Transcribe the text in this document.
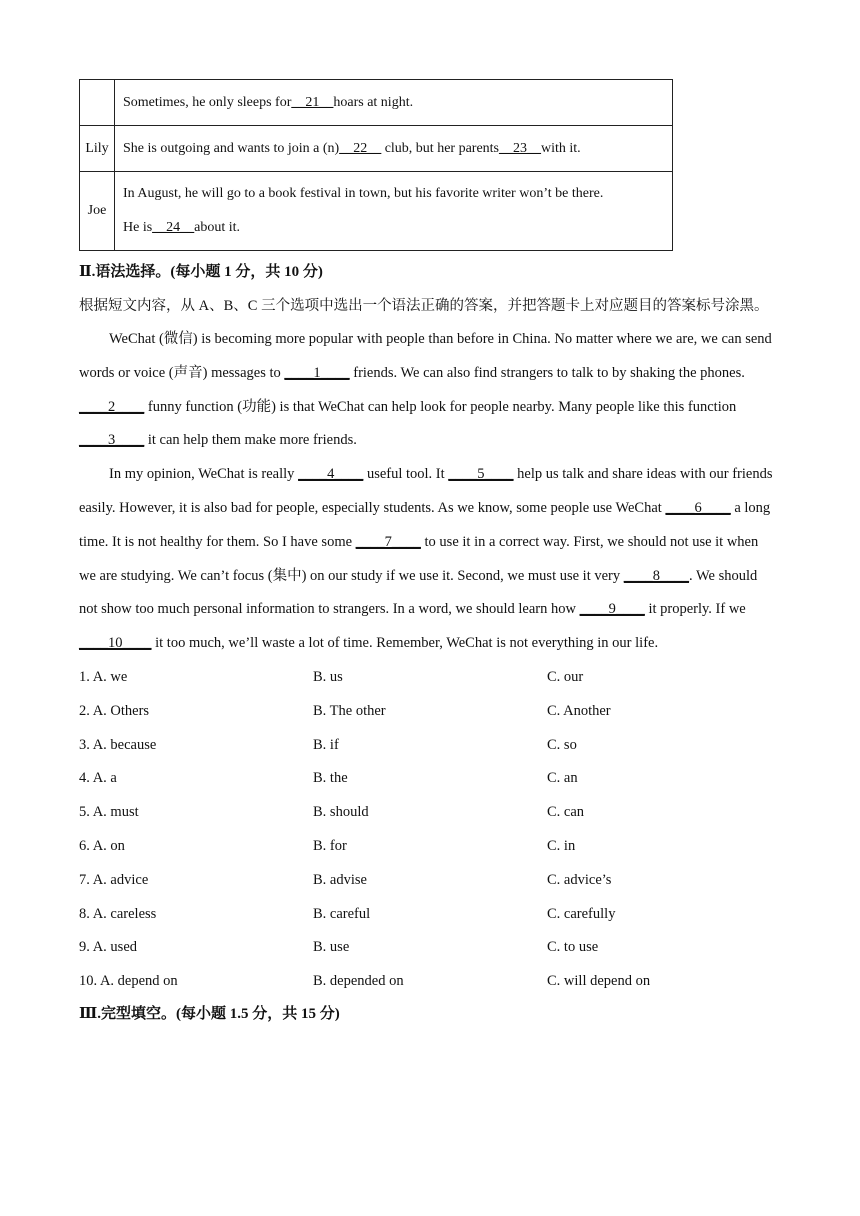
	Sometimes, he only sleeps for__21__hoars at night.
Lily	She is outgoing and wants to join a (n)__22__ club, but her parents__23__with it.
Joe	In August, he will go to a book festival in town, but his favorite writer won’t be there.
He is__24__about it.
Ⅱ.语法选择。(每小题 1 分，共 10 分)

根据短文内容，从 A、B、C 三个选项中选出一个语法正确的答案，并把答题卡上对应题目的答案标号涂黑。

WeChat (微信) is becoming more popular with people than before in China. No matter where we are, we can send words or voice (声音) messages to ____1____ friends. We can also find strangers to talk to by shaking the phones. ____2____ funny function (功能) is that WeChat can help look for people nearby. Many people like this function ____3____ it can help them make more friends.

In my opinion, WeChat is really ____4____ useful tool. It ____5____ help us talk and share ideas with our friends easily. However, it is also bad for people, especially students. As we know, some people use WeChat ____6____ a long time. It is not healthy for them. So I have some ____7____ to use it in a correct way. First, we should not use it when we are studying. We can’t focus (集中) on our study if we use it. Second, we must use it very ____8____. We should not show too much personal information to strangers. In a word, we should learn how ____9____ it properly. If we ____10____ it too much, we’ll waste a lot of time. Remember, WeChat is not everything in our life.

1. A. we	B. us	C. our
2. A. Others	B. The other	C. Another
3. A. because	B. if	C. so
4. A. a	B. the	C. an
5. A. must	B. should	C. can
6. A. on	B. for	C. in
7. A. advice	B. advise	C. advice’s
8. A. careless	B. careful	C. carefully
9. A. used	B. use	C. to use
10. A. depend on	B. depended on	C. will depend on
Ⅲ.完型填空。(每小题 1.5 分，共 15 分)
